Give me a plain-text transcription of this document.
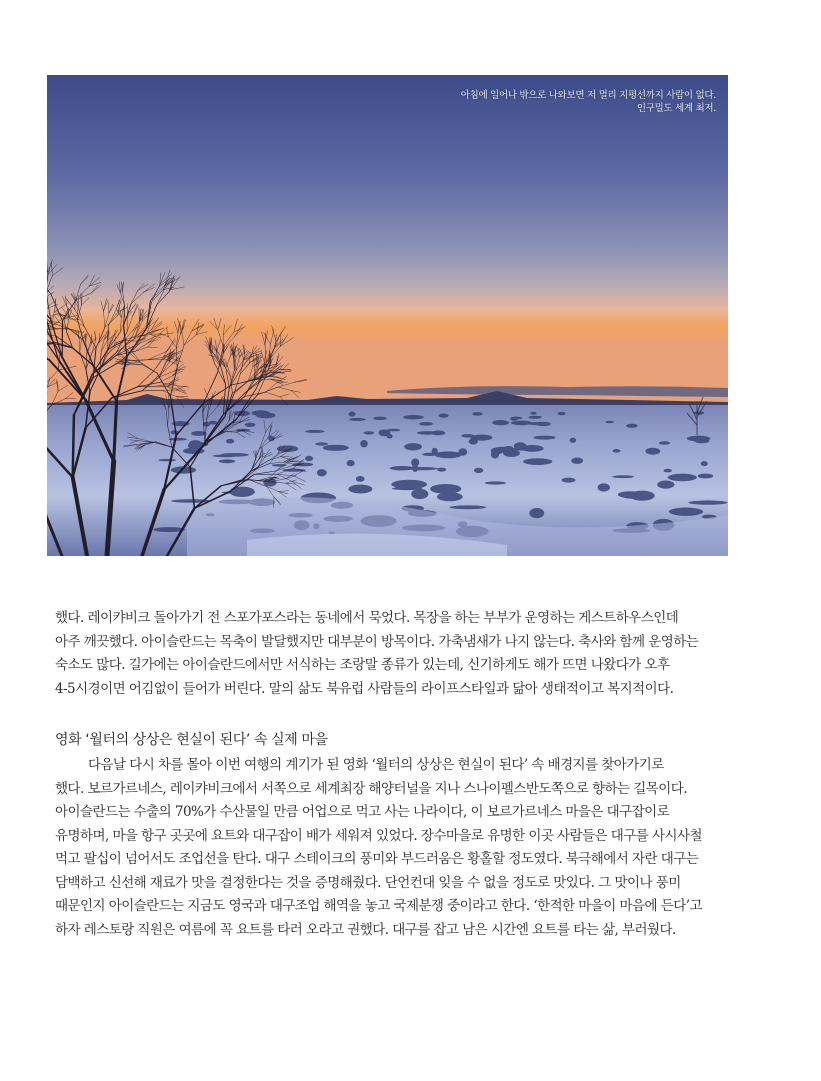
아침에 일어나 밖으로 나와보면 저 멀리 지평선까지 사람이 없다.
인구밀도 세계 최저.
했다. 레이캬비크 돌아가기 전 스포가포스라는 동네에서 묵었다. 목장을 하는 부부가 운영하는 게스트하우스인데
아주 깨끗했다. 아이슬란드는 목축이 발달했지만 대부분이 방목이다. 가축냄새가 나지 않는다. 축사와 함께 운영하는
숙소도 많다. 길가에는 아이슬란드에서만 서식하는 조랑말 종류가 있는데, 신기하게도 해가 뜨면 나왔다가 오후
4-5시경이면 어김없이 들어가 버린다. 말의 삶도 북유럽 사람들의 라이프스타일과 닮아 생태적이고 복지적이다.
영화 ‘월터의 상상은 현실이 된다’ 속 실제 마을
다음날 다시 차를 몰아 이번 여행의 계기가 된 영화 ‘월터의 상상은 현실이 된다’ 속 배경지를 찾아가기로
했다. 보르가르네스, 레이캬비크에서 서쪽으로 세계최장 해양터널을 지나 스나이펠스반도쪽으로 향하는 길목이다.
아이슬란드는 수출의 70%가 수산물일 만큼 어업으로 먹고 사는 나라이다, 이 보르가르네스 마을은 대구잡이로
유명하며, 마을 항구 곳곳에 요트와 대구잡이 배가 세워져 있었다. 장수마을로 유명한 이곳 사람들은 대구를 사시사철
먹고 팔십이 넘어서도 조업선을 탄다. 대구 스테이크의 풍미와 부드러움은 황홀할 정도였다. 북극해에서 자란 대구는
담백하고 신선해 재료가 맛을 결정한다는 것을 증명해줬다. 단언컨대 잊을 수 없을 정도로 맛있다. 그 맛이나 풍미
때문인지 아이슬란드는 지금도 영국과 대구조업 해역을 놓고 국제분쟁 중이라고 한다. ‘한적한 마을이 마음에 든다’고
하자 레스토랑 직원은 여름에 꼭 요트를 타러 오라고 권했다. 대구를 잡고 남은 시간엔 요트를 타는 삶, 부러웠다.
